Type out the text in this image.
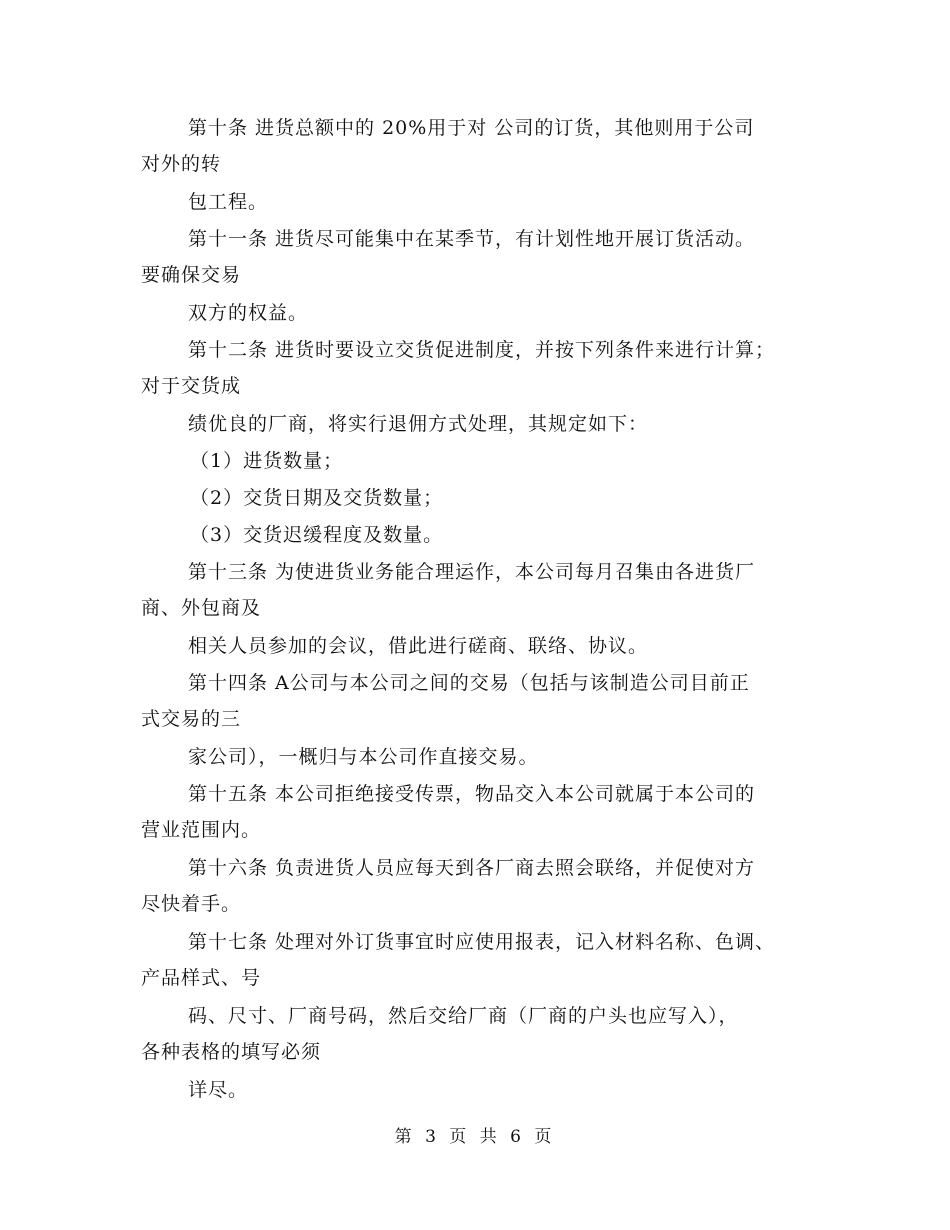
第十条 进货总额中的 20%用于对 公司的订货，其他则用于公司
对外的转
包工程。
第十一条 进货尽可能集中在某季节，有计划性地开展订货活动。
要确保交易
双方的权益。
第十二条 进货时要设立交货促进制度，并按下列条件来进行计算；
对于交货成
绩优良的厂商，将实行退佣方式处理，其规定如下：
（1）进货数量；
（2）交货日期及交货数量；
（3）交货迟缓程度及数量。
第十三条 为使进货业务能合理运作，本公司每月召集由各进货厂
商、外包商及
相关人员参加的会议，借此进行磋商、联络、协议。
第十四条 A公司与本公司之间的交易（包括与该制造公司目前正
式交易的三
家公司），一概归与本公司作直接交易。
第十五条 本公司拒绝接受传票，物品交入本公司就属于本公司的
营业范围内。
第十六条 负责进货人员应每天到各厂商去照会联络，并促使对方
尽快着手。
第十七条 处理对外订货事宜时应使用报表，记入材料名称、色调、
产品样式、号
码、尺寸、厂商号码，然后交给厂商（厂商的户头也应写入），
各种表格的填写必须
详尽。
第 3 页 共 6 页
